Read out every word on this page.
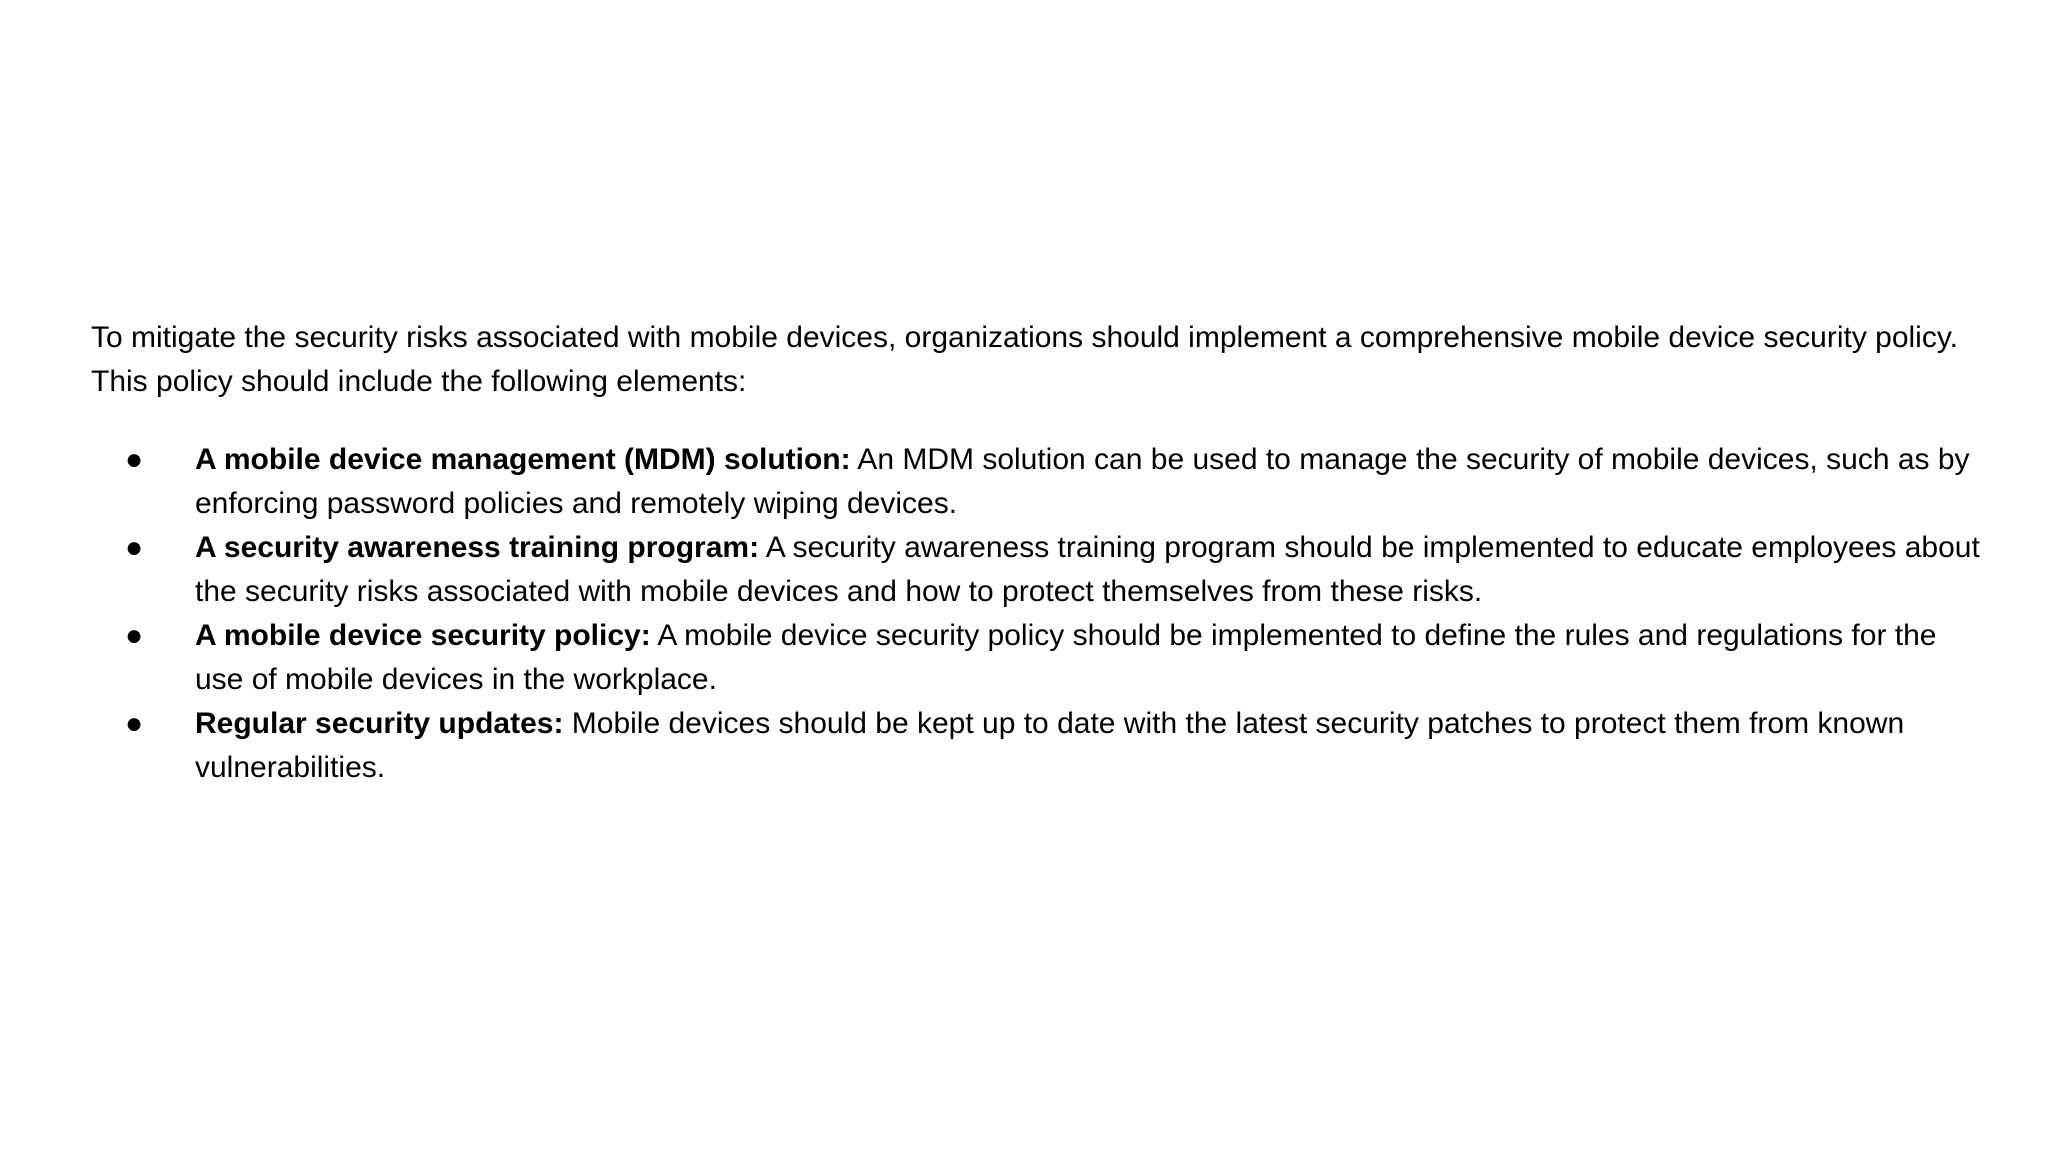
To mitigate the security risks associated with mobile devices, organizations should implement a comprehensive mobile device security policy. This policy should include the following elements:

● A mobile device management (MDM) solution: An MDM solution can be used to manage the security of mobile devices, such as by enforcing password policies and remotely wiping devices.
● A security awareness training program: A security awareness training program should be implemented to educate employees about the security risks associated with mobile devices and how to protect themselves from these risks.
● A mobile device security policy: A mobile device security policy should be implemented to define the rules and regulations for the use of mobile devices in the workplace.
● Regular security updates: Mobile devices should be kept up to date with the latest security patches to protect them from known vulnerabilities.
